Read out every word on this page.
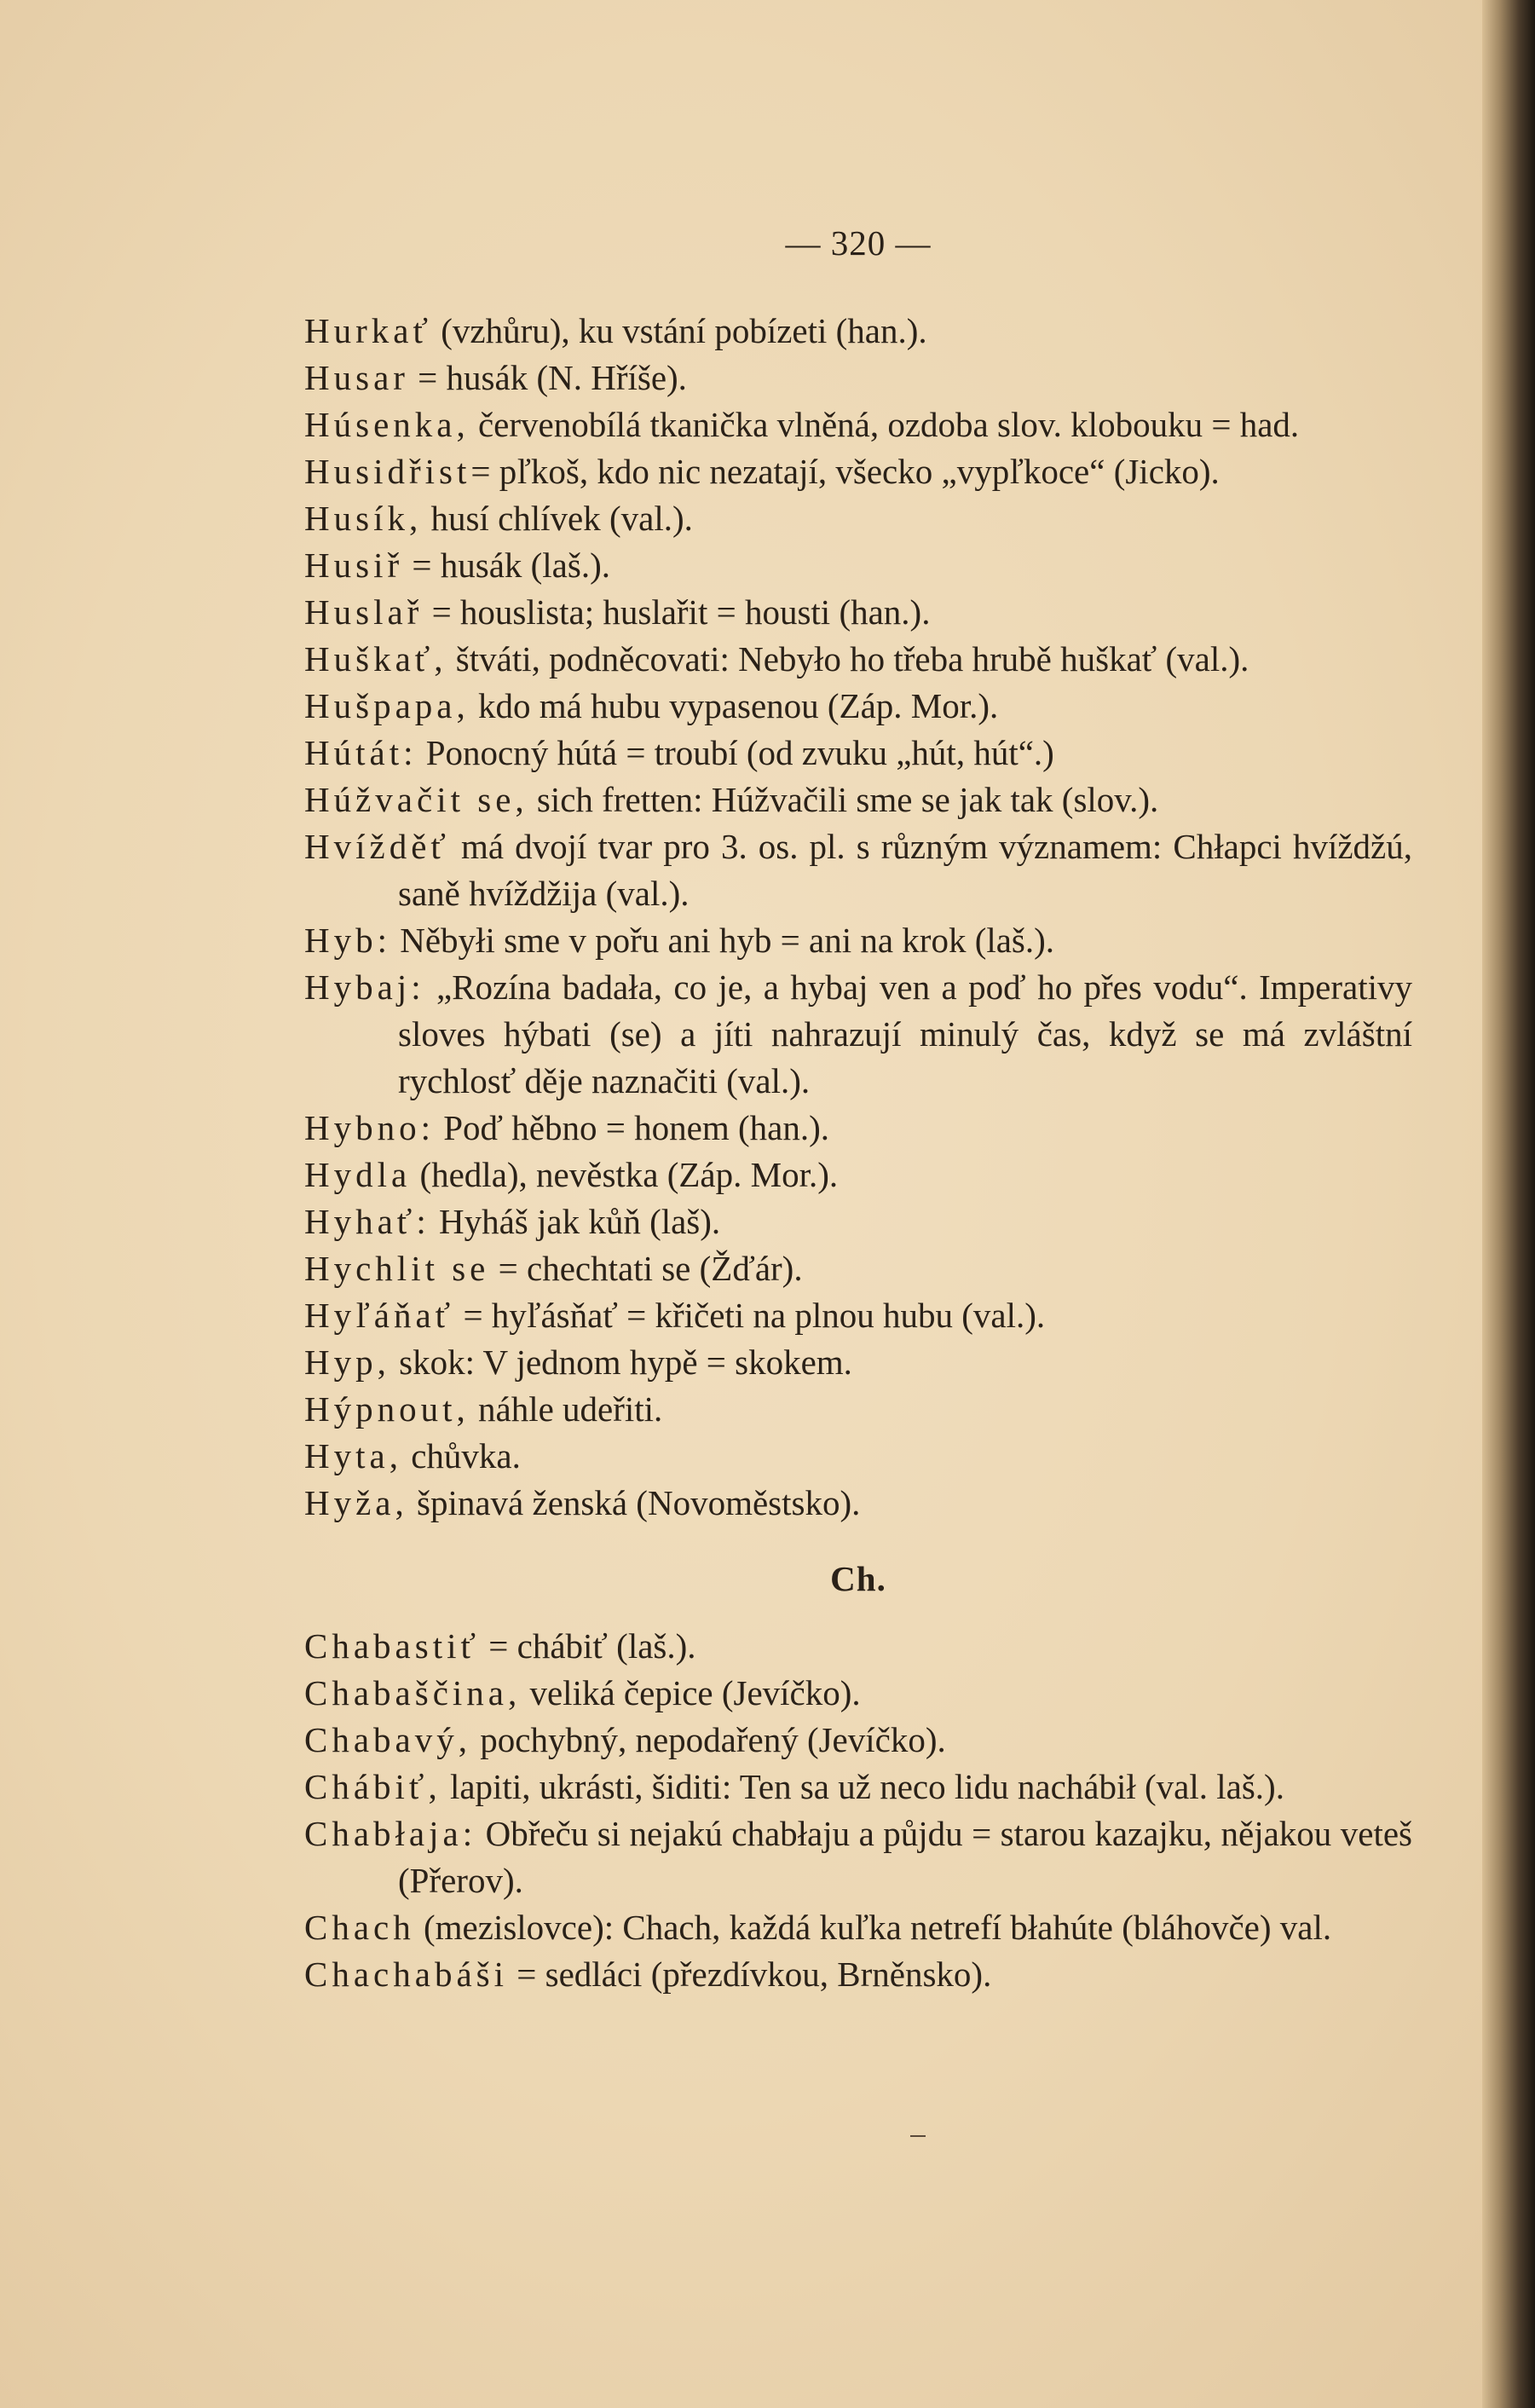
— 320 —

Hurkať (vzhůru), ku vstání pobízeti (han.).

Husar = husák (N. Hříše).

Húsenka, červenobílá tkanička vlněná, ozdoba slov. klobouku = had.

Husidřist= pľkoš, kdo nic nezatají, všecko „vypľkoce“ (Jicko).

Husík, husí chlívek (val.).

Husiř = husák (laš.).

Huslař = houslista; huslařit = housti (han.).

Huškať, štváti, podněcovati: Nebyło ho třeba hrubě huškať (val.).

Hušpapa, kdo má hubu vypasenou (Záp. Mor.).

Hútát: Ponocný hútá = troubí (od zvuku „hút, hút“.)

Húžvačit se, sich fretten: Húžvačili sme se jak tak (slov.).

Hvížděť má dvojí tvar pro 3. os. pl. s různým významem: Chłapci hvíždžú, saně hvíždžija (val.).

Hyb: Něbyłi sme v pořu ani hyb = ani na krok (laš.).

Hybaj: „Rozína badała, co je, a hybaj ven a poď ho přes vodu“. Imperativy sloves hýbati (se) a jíti nahrazují minulý čas, když se má zvláštní rychlosť děje naznačiti (val.).

Hybno: Poď hěbno = honem (han.).

Hydla (hedla), nevěstka (Záp. Mor.).

Hyhať: Hyháš jak kůň (laš).

Hychlit se = chechtati se (Žďár).

Hyľáňať = hyľásňať = křičeti na plnou hubu (val.).

Hyp, skok: V jednom hypě = skokem.

Hýpnout, náhle udeřiti.

Hyta, chůvka.

Hyža, špinavá ženská (Novoměstsko).

Ch.

Chabastiť = chábiť (laš.).

Chabaščina, veliká čepice (Jevíčko).

Chabavý, pochybný, nepodařený (Jevíčko).

Chábiť, lapiti, ukrásti, šiditi: Ten sa už neco lidu nachábił (val. laš.).

Chabłaja: Obřeču si nejakú chabłaju a půjdu = starou kazajku, nějakou veteš (Přerov).

Chach (mezislovce): Chach, každá kuľka netrefí błahúte (bláhovče) val.

Chachabáši = sedláci (přezdívkou, Brněnsko).
